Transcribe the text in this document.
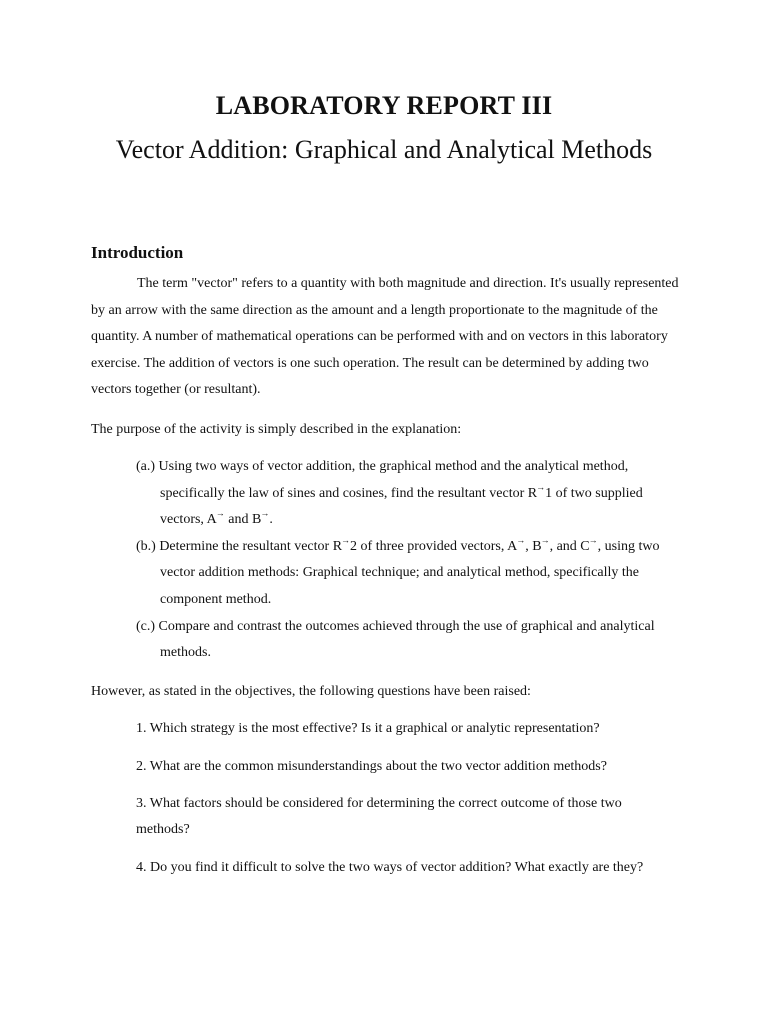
LABORATORY REPORT III
Vector Addition: Graphical and Analytical Methods
Introduction
The term "vector" refers to a quantity with both magnitude and direction. It's usually represented by an arrow with the same direction as the amount and a length proportionate to the magnitude of the quantity. A number of mathematical operations can be performed with and on vectors in this laboratory exercise. The addition of vectors is one such operation. The result can be determined by adding two vectors together (or resultant).
The purpose of the activity is simply described in the explanation:
(a.) Using two ways of vector addition, the graphical method and the analytical method, specifically the law of sines and cosines, find the resultant vector R→1 of two supplied vectors, A→ and B→.
(b.) Determine the resultant vector R→2 of three provided vectors, A→, B→, and C→, using two vector addition methods: Graphical technique; and analytical method, specifically the component method.
(c.) Compare and contrast the outcomes achieved through the use of graphical and analytical methods.
However, as stated in the objectives, the following questions have been raised:
1. Which strategy is the most effective? Is it a graphical or analytic representation?
2. What are the common misunderstandings about the two vector addition methods?
3. What factors should be considered for determining the correct outcome of those two methods?
4. Do you find it difficult to solve the two ways of vector addition? What exactly are they?
